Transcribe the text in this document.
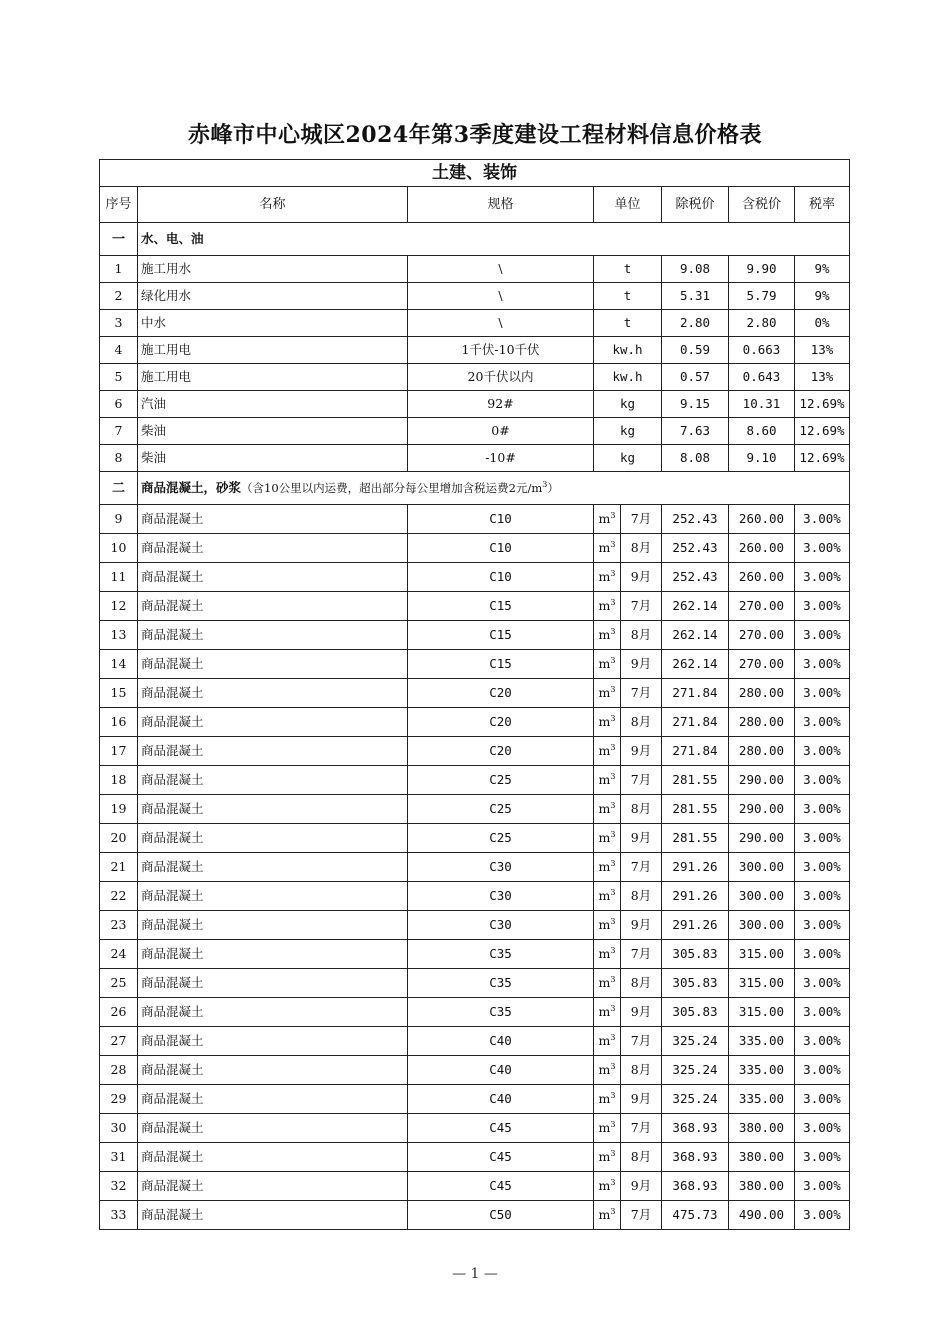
赤峰市中心城区2024年第3季度建设工程材料信息价格表
土建、装饰							
序号	名称	规格	单位		除税价	含税价	税率
一	水、电、油						
1	施工用水	\	t		9.08	9.90	9%
2	绿化用水	\	t		5.31	5.79	9%
3	中水	\	t		2.80	2.80	0%
4	施工用电	1千伏-10千伏	kw.h		0.59	0.663	13%
5	施工用电	20千伏以内	kw.h		0.57	0.643	13%
6	汽油	92#	kg		9.15	10.31	12.69%
7	柴油	0#	kg		7.63	8.60	12.69%
8	柴油	-10#	kg		8.08	9.10	12.69%
二	商品混凝土，砂浆（含10公里以内运费，超出部分每公里增加含税运费2元$/m^3$）						
9	商品混凝土	C10	$m^3$	7月	252.43	260.00	3.00%
10	商品混凝土	C10	$m^3$	8月	252.43	260.00	3.00%
11	商品混凝土	C10	$m^3$	9月	252.43	260.00	3.00%
12	商品混凝土	C15	$m^3$	7月	262.14	270.00	3.00%
13	商品混凝土	C15	$m^3$	8月	262.14	270.00	3.00%
14	商品混凝土	C15	$m^3$	9月	262.14	270.00	3.00%
15	商品混凝土	C20	$m^3$	7月	271.84	280.00	3.00%
16	商品混凝土	C20	$m^3$	8月	271.84	280.00	3.00%
17	商品混凝土	C20	$m^3$	9月	271.84	280.00	3.00%
18	商品混凝土	C25	$m^3$	7月	281.55	290.00	3.00%
19	商品混凝土	C25	$m^3$	8月	281.55	290.00	3.00%
20	商品混凝土	C25	$m^3$	9月	281.55	290.00	3.00%
21	商品混凝土	C30	$m^3$	7月	291.26	300.00	3.00%
22	商品混凝土	C30	$m^3$	8月	291.26	300.00	3.00%
23	商品混凝土	C30	$m^3$	9月	291.26	300.00	3.00%
24	商品混凝土	C35	$m^3$	7月	305.83	315.00	3.00%
25	商品混凝土	C35	$m^3$	8月	305.83	315.00	3.00%
26	商品混凝土	C35	$m^3$	9月	305.83	315.00	3.00%
27	商品混凝土	C40	$m^3$	7月	325.24	335.00	3.00%
28	商品混凝土	C40	$m^3$	8月	325.24	335.00	3.00%
29	商品混凝土	C40	$m^3$	9月	325.24	335.00	3.00%
30	商品混凝土	C45	$m^3$	7月	368.93	380.00	3.00%
31	商品混凝土	C45	$m^3$	8月	368.93	380.00	3.00%
32	商品混凝土	C45	$m^3$	9月	368.93	380.00	3.00%
33	商品混凝土	C50	$m^3$	7月	475.73	490.00	3.00%
— 1 —
